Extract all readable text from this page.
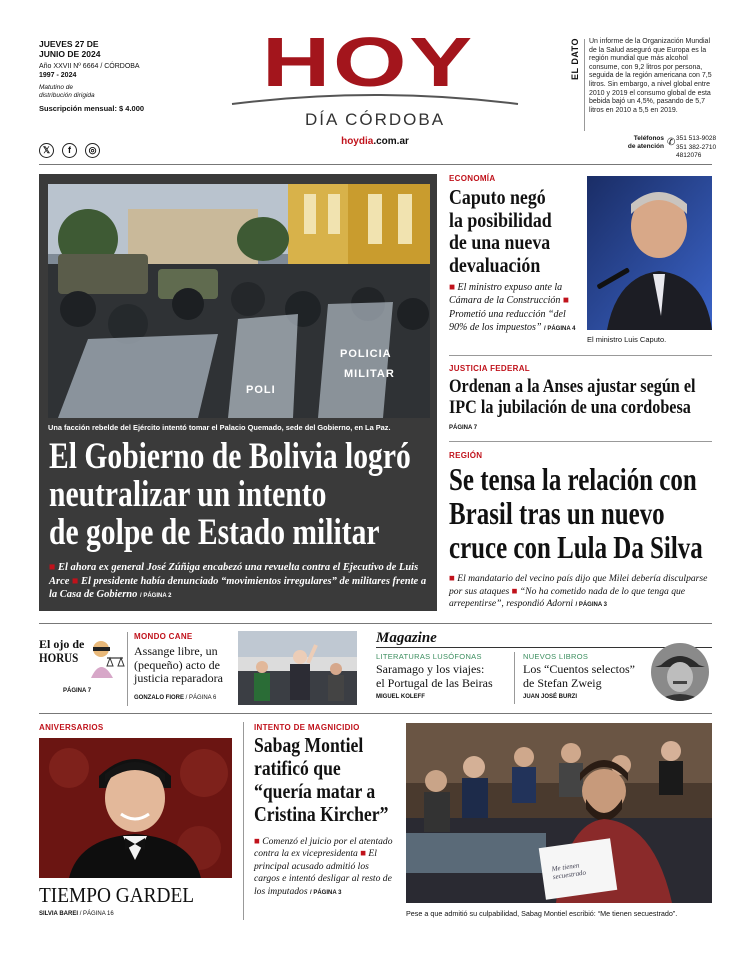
JUEVES 27 DE
JUNIO DE 2024
Año XXVII Nº 6664 / CÓRDOBA
1997 - 2024
Matutino de
distribución dirigida
Suscripción mensual: $ 4.000
𝕏 f ◎
HOY
DÍA CÓRDOBA
hoydia.com.ar
EL DATO Un informe de la Organización Mundial de la Salud aseguró que Europa es la región mundial que más alcohol consume, con 9,2 litros por persona, seguida de la región americana con 7,5 litros. Sin embargo, a nivel global entre 2010 y 2019 el consumo global de esta bebida bajó un 4,5%, pasando de 5,7 litros en 2010 a 5,5 en 2019.
Teléfonos
de atención ✆ 351 513-9028
351 382-2710
4812076
POLICIA
MILITAR
POLI
Una facción rebelde del Ejército intentó tomar el Palacio Quemado, sede del Gobierno, en La Paz.
El Gobierno de Bolivia logró
neutralizar un intento
de golpe de Estado militar
■ El ahora ex general José Zúñiga encabezó una revuelta contra el Ejecutivo de Luis Arce ■ El presidente había denunciado “movimientos irregulares” de militares frente a la Casa de Gobierno / PÁGINA 2
ECONOMÍA
Caputo negó
la posibilidad
de una nueva
devaluación
■ El ministro expuso ante la Cámara de la Construcción ■ Prometió una reducción “del 90% de los impuestos” / PÁGINA 4
El ministro Luis Caputo.
JUSTICIA FEDERAL
Ordenan a la Anses ajustar según el
IPC la jubilación de una cordobesa
PÁGINA 7
REGIÓN
Se tensa la relación con
Brasil tras un nuevo
cruce con Lula Da Silva
■ El mandatario del vecino país dijo que Milei debería disculparse por sus ataques ■ “No ha cometido nada de lo que tenga que arrepentirse”, respondió Adorni / PÁGINA 3
El ojo de
HORUS
PÁGINA 7
MONDO CANE
Assange libre, un
(pequeño) acto de
justicia reparadora
GONZALO FIORE / PÁGINA 6
Magazine
LITERATURAS LUSÓFONAS
Saramago y los viajes:
el Portugal de las Beiras
MIGUEL KOLEFF
NUEVOS LIBROS
Los “Cuentos selectos”
de Stefan Zweig
JUAN JOSÉ BURZI
ANIVERSARIOS
TIEMPO GARDEL
SILVIA BAREI / PÁGINA 16
INTENTO DE MAGNICIDIO
Sabag Montiel
ratificó que
“quería matar a
Cristina Kircher”
■ Comenzó el juicio por el atentado contra la ex vicepresidenta ■ El principal acusado admitió los cargos e intentó desligar al resto de los imputados / PÁGINA 3
Me tienen secuestrado
Pese a que admitió su culpabilidad, Sabag Montiel escribió: “Me tienen secuestrado”.
